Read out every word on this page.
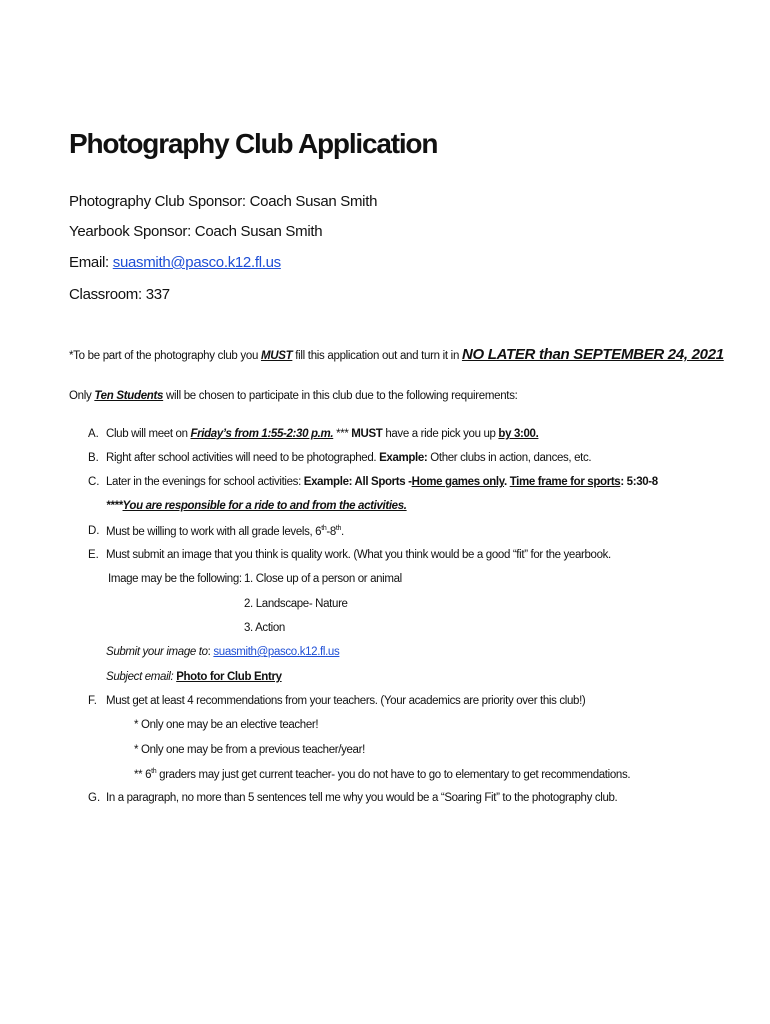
Photography Club Application
Photography Club Sponsor: Coach Susan Smith
Yearbook Sponsor: Coach Susan Smith
Email: suasmith@pasco.k12.fl.us
Classroom: 337
*To be part of the photography club you MUST fill this application out and turn it in NO LATER than SEPTEMBER 24, 2021
Only Ten Students will be chosen to participate in this club due to the following requirements:
A.
B.
C.
D.
E.
F.
G.
Club will meet on Friday’s from 1:55-2:30 p.m. *** MUST have a ride pick you up by 3:00.
Right after school activities will need to be photographed. Example: Other clubs in action, dances, etc.
Later in the evenings for school activities: Example: All Sports -Home games only. Time frame for sports: 5:30-8
****You are responsible for a ride to and from the activities.
Must be willing to work with all grade levels, 6th-8th.
Must submit an image that you think is quality work. (What you think would be a good “fit” for the yearbook.
Image may be the following: 1. Close up of a person or animal
2. Landscape- Nature
3. Action
Submit your image to: suasmith@pasco.k12.fl.us
Subject email: Photo for Club Entry
Must get at least 4 recommendations from your teachers. (Your academics are priority over this club!)
* Only one may be an elective teacher!
* Only one may be from a previous teacher/year!
** 6th graders may just get current teacher- you do not have to go to elementary to get recommendations.
In a paragraph, no more than 5 sentences tell me why you would be a “Soaring Fit” to the photography club.
